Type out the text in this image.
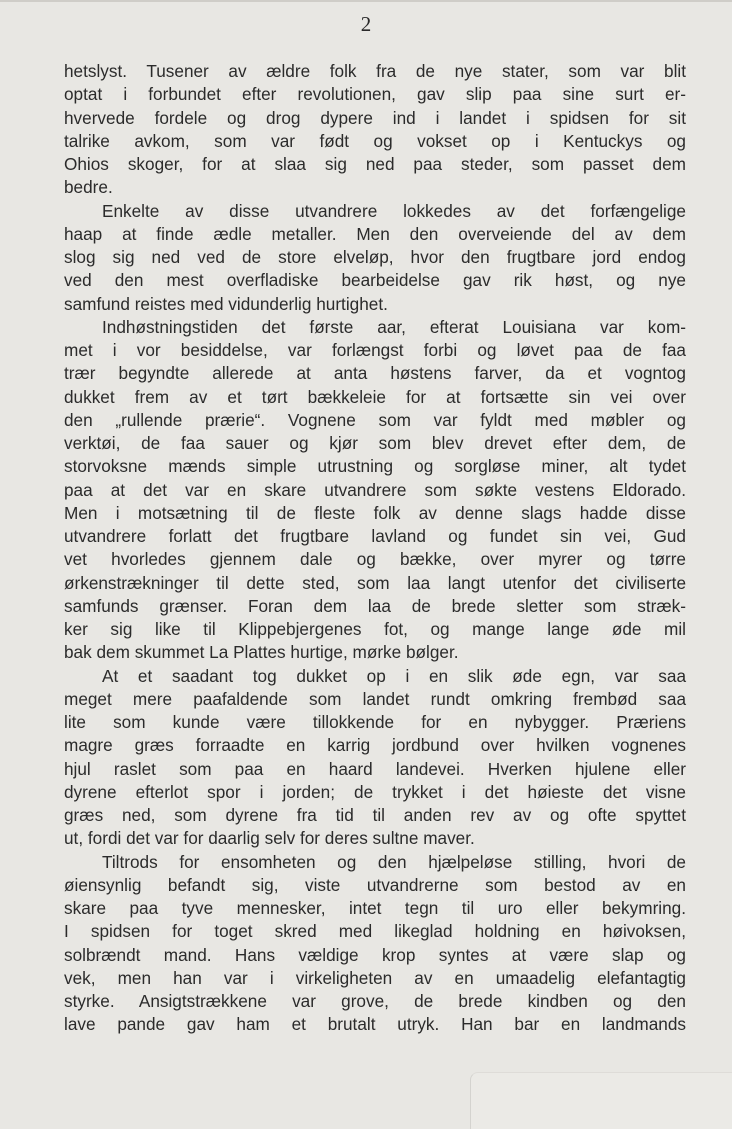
2
hetslyst. Tusener av ældre folk fra de nye stater, som var blit
optat i forbundet efter revolutionen, gav slip paa sine surt er-
hvervede fordele og drog dypere ind i landet i spidsen for sit
talrike avkom, som var født og vokset op i Kentuckys og
Ohios skoger, for at slaa sig ned paa steder, som passet dem
bedre.
Enkelte av disse utvandrere lokkedes av det forfængelige
haap at finde ædle metaller. Men den overveiende del av dem
slog sig ned ved de store elveløp, hvor den frugtbare jord endog
ved den mest overfladiske bearbeidelse gav rik høst, og nye
samfund reistes med vidunderlig hurtighet.
Indhøstningstiden det første aar, efterat Louisiana var kom-
met i vor besiddelse, var forlængst forbi og løvet paa de faa
trær begyndte allerede at anta høstens farver, da et vogntog
dukket frem av et tørt bækkeleie for at fortsætte sin vei over
den „rullende prærie“. Vognene som var fyldt med møbler og
verktøi, de faa sauer og kjør som blev drevet efter dem, de
storvoksne mænds simple utrustning og sorgløse miner, alt tydet
paa at det var en skare utvandrere som søkte vestens Eldorado.
Men i motsætning til de fleste folk av denne slags hadde disse
utvandrere forlatt det frugtbare lavland og fundet sin vei, Gud
vet hvorledes gjennem dale og bække, over myrer og tørre
ørkenstrækninger til dette sted, som laa langt utenfor det civiliserte
samfunds grænser. Foran dem laa de brede sletter som stræk-
ker sig like til Klippebjergenes fot, og mange lange øde mil
bak dem skummet La Plattes hurtige, mørke bølger.
At et saadant tog dukket op i en slik øde egn, var saa
meget mere paafaldende som landet rundt omkring frembød saa
lite som kunde være tillokkende for en nybygger. Præriens
magre græs forraadte en karrig jordbund over hvilken vognenes
hjul raslet som paa en haard landevei. Hverken hjulene eller
dyrene efterlot spor i jorden; de trykket i det høieste det visne
græs ned, som dyrene fra tid til anden rev av og ofte spyttet
ut, fordi det var for daarlig selv for deres sultne maver.
Tiltrods for ensomheten og den hjælpeløse stilling, hvori de
øiensynlig befandt sig, viste utvandrerne som bestod av en
skare paa tyve mennesker, intet tegn til uro eller bekymring.
I spidsen for toget skred med likeglad holdning en høivoksen,
solbrændt mand. Hans vældige krop syntes at være slap og
vek, men han var i virkeligheten av en umaadelig elefantagtig
styrke. Ansigtstrækkene var grove, de brede kindben og den
lave pande gav ham et brutalt utryk. Han bar en landmands
